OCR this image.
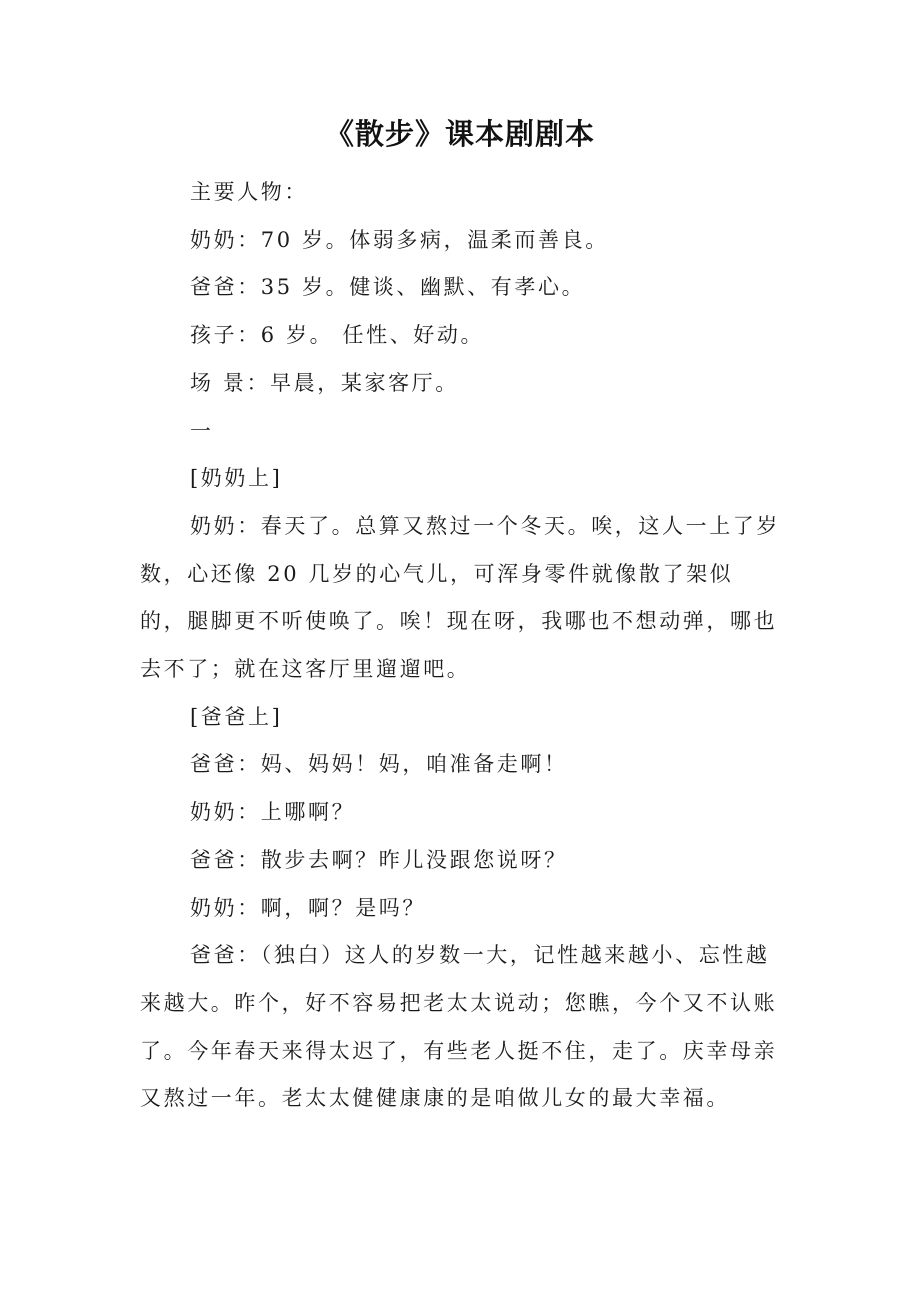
《散步》课本剧剧本

主要人物：

奶奶：70 岁。体弱多病，温柔而善良。

爸爸：35 岁。健谈、幽默、有孝心。

孩子：6 岁。 任性、好动。

场 景：早晨，某家客厅。

一

[奶奶上]

奶奶：春天了。总算又熬过一个冬天。唉，这人一上了岁数，心还像 20 几岁的心气儿，可浑身零件就像散了架似的，腿脚更不听使唤了。唉！现在呀，我哪也不想动弹，哪也去不了；就在这客厅里遛遛吧。

[爸爸上]

爸爸：妈、妈妈！妈，咱准备走啊！

奶奶：上哪啊？

爸爸：散步去啊？昨儿没跟您说呀？

奶奶：啊，啊？是吗？

爸爸：（独白）这人的岁数一大，记性越来越小、忘性越来越大。昨个，好不容易把老太太说动；您瞧，今个又不认账了。今年春天来得太迟了，有些老人挺不住，走了。庆幸母亲又熬过一年。老太太健健康康的是咱做儿女的最大幸福。
